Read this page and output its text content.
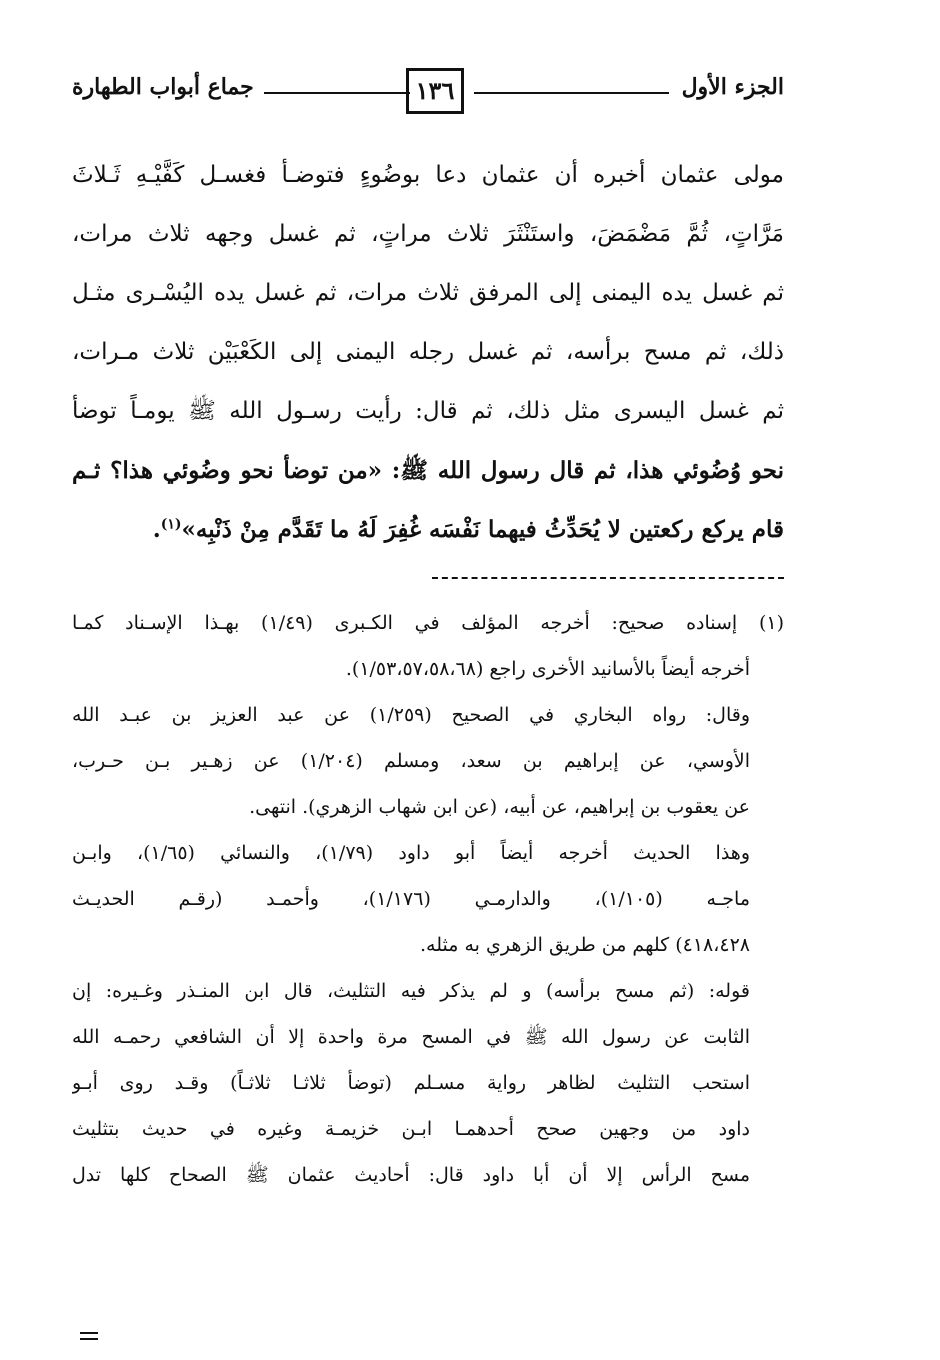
الجزء الأول
١٣٦
جماع أبواب الطهارة
مولى عثمان أخبره أن عثمان دعا بوضُوءٍ فتوضـأ فغسـل كَفَّيْـهِ ثَـلاثَ
مَرَّاتٍ، ثُمَّ مَضْمَضَ، واستَنْثَرَ ثلاث مراتٍ، ثم غسل وجهه ثلاث مرات،
ثم غسل يده اليمنى إلى المرفق ثلاث مرات، ثم غسل يده اليُسْـرى مثـل
ذلك، ثم مسح برأسه، ثم غسل رجله اليمنى إلى الكَعْبَيْن ثلاث مـرات،
ثم غسل اليسرى مثل ذلك، ثم قال: رأيت رسـول الله ﷺ يومـاً توضأ
نحو وُضُوئي هذا، ثم قال رسول الله ﷺ: «من توضأ نحو وضُوئي هذا؟ ثـم
قام يركع ركعتين لا يُحَدِّثُ فيهما نَفْسَه غُفِرَ لَهُ ما تَقَدَّم مِنْ ذَنْبِه»$^{(١)}$.
(١) إسناده صحيح: أخرجه المؤلف في الكـبرى (١/٤٩) بهـذا الإسـناد كمـا
أخرجه أيضاً بالأسانيد الأخرى راجع (١/٥٣،٥٧،٥٨،٦٨).
وقال: رواه البخاري في الصحيح (١/٢٥٩) عن عبد العزيز بن عبـد الله
الأوسي، عن إبراهيم بن سعد، ومسلم (١/٢٠٤) عن زهـير بـن حـرب،
عن يعقوب بن إبراهيم، عن أبيه، (عن ابن شهاب الزهري). انتهى.
وهذا الحديث أخرجه أيضاً أبو داود (١/٧٩)، والنسائي (١/٦٥)، وابـن
ماجـه (١/١٠٥)، والدارمـي (١/١٧٦)، وأحمـد (رقـم الحديـث
٤١٨،٤٢٨) كلهم من طريق الزهري به مثله.
قوله: (ثم مسح برأسه) و لم يذكر فيه التثليث، قال ابن المنـذر وغـيره: إن
الثابت عن رسول الله ﷺ في المسح مرة واحدة إلا أن الشافعي رحمـه الله
استحب التثليث لظاهر رواية مسـلم (توضأ ثلاثـا ثلاثـاً) وقـد روى أبـو
داود من وجهين صحح أحدهمـا ابـن خزيمـة وغيره في حديث بتثليث
مسح الرأس إلا أن أبا داود قال: أحاديث عثمان ﷺ الصحاح كلها تدل
